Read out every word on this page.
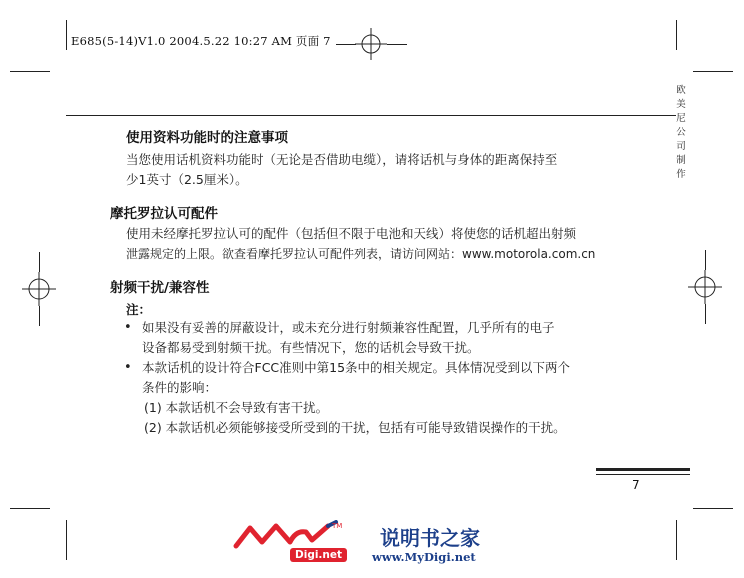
E685(5-14)V1.0 2004.5.22 10:27 AM 页面 7
欧
美
尼
公
司
制
作
使用资料功能时的注意事项
当您使用话机资料功能时（无论是否借助电缆），请将话机与身体的距离保持至
少1英寸（2.5厘米）。
摩托罗拉认可配件
使用未经摩托罗拉认可的配件（包括但不限于电池和天线）将使您的话机超出射频
泄露规定的上限。欲查看摩托罗拉认可配件列表，请访问网站：www.motorola.com.cn
射频干扰/兼容性
注：
• 如果没有妥善的屏蔽设计，或未充分进行射频兼容性配置，几乎所有的电子
设备都易受到射频干扰。有些情况下，您的话机会导致干扰。
• 本款话机的设计符合FCC准则中第15条中的相关规定。具体情况受到以下两个
条件的影响：
(1) 本款话机不会导致有害干扰。
(2) 本款话机必须能够接受所受到的干扰，包括有可能导致错误操作的干扰。
7
TM
Digi.net
说明书之家
www.MyDigi.net
